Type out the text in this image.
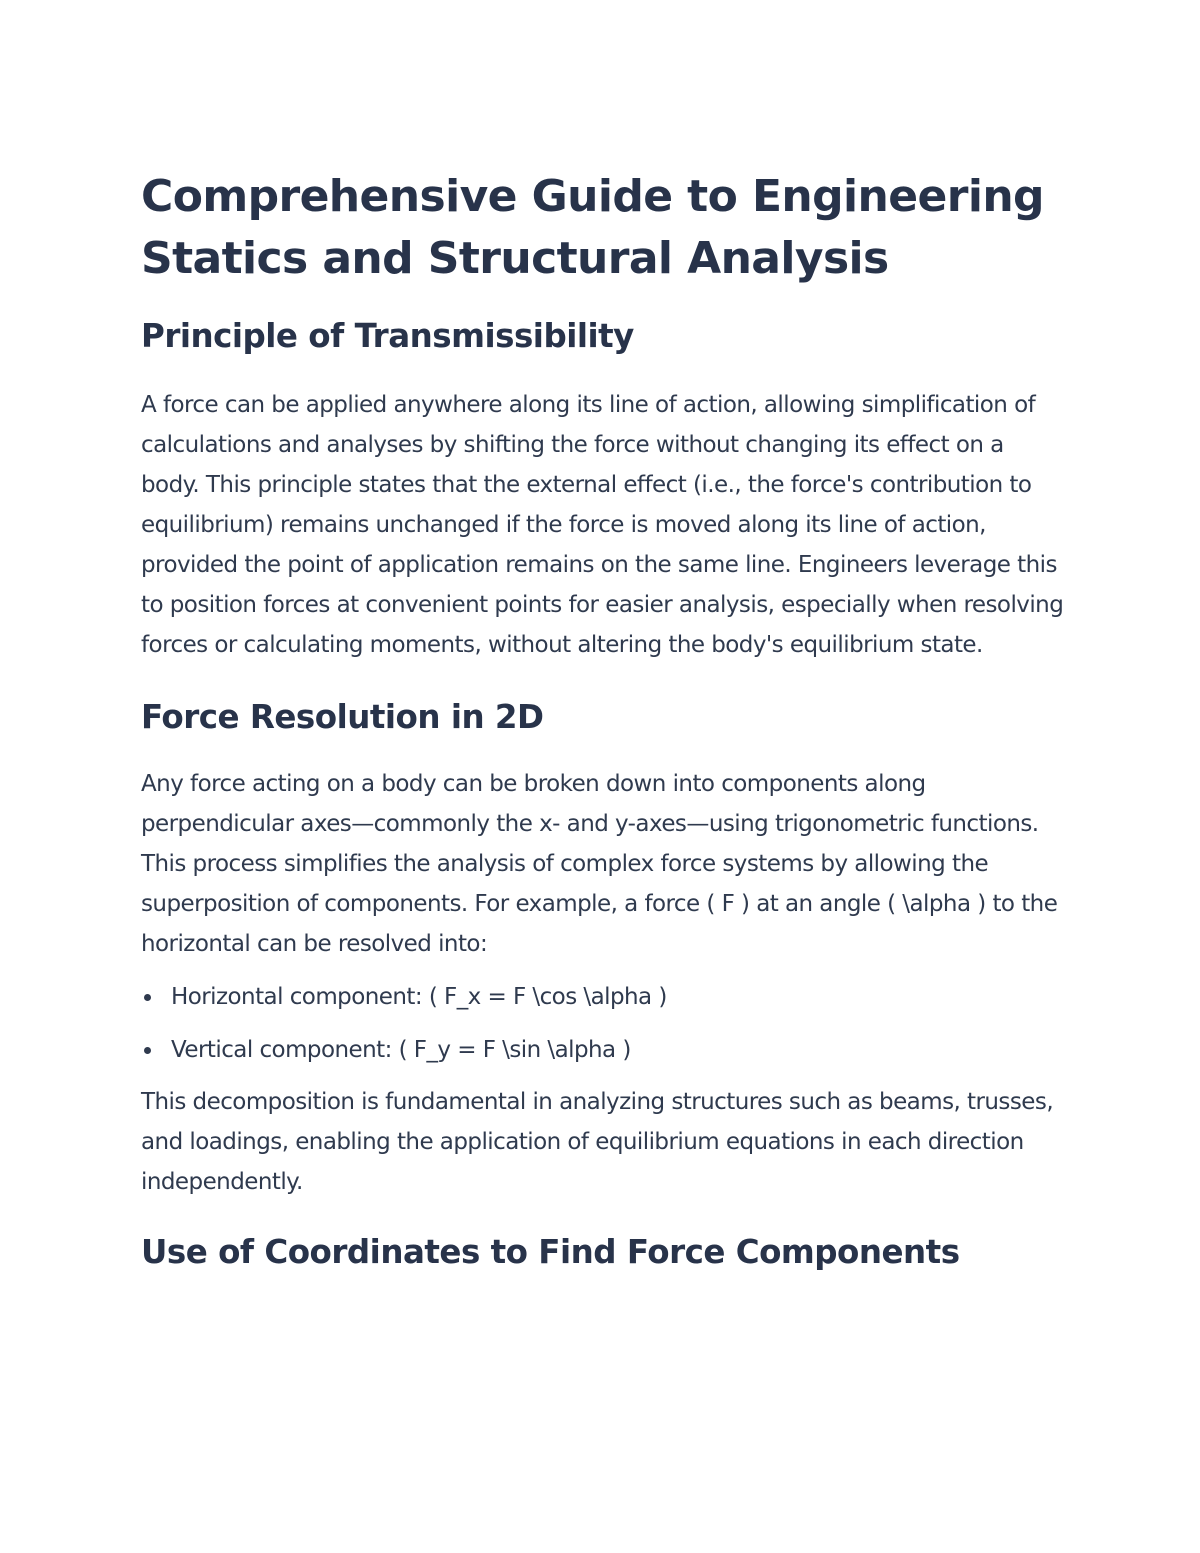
Comprehensive Guide to Engineering Statics and Structural Analysis
Principle of Transmissibility

A force can be applied anywhere along its line of action, allowing simplification of calculations and analyses by shifting the force without changing its effect on a body. This principle states that the external effect (i.e., the force's contribution to equilibrium) remains unchanged if the force is moved along its line of action, provided the point of application remains on the same line. Engineers leverage this to position forces at convenient points for easier analysis, especially when resolving forces or calculating moments, without altering the body's equilibrium state.

Force Resolution in 2D

Any force acting on a body can be broken down into components along perpendicular axes—commonly the x- and y-axes—using trigonometric functions. This process simplifies the analysis of complex force systems by allowing the superposition of components. For example, a force ( F ) at an angle ( \alpha ) to the horizontal can be resolved into:

Horizontal component: ( F_x = F \cos \alpha )
Vertical component: ( F_y = F \sin \alpha )

This decomposition is fundamental in analyzing structures such as beams, trusses, and loadings, enabling the application of equilibrium equations in each direction independently.

Use of Coordinates to Find Force Components
